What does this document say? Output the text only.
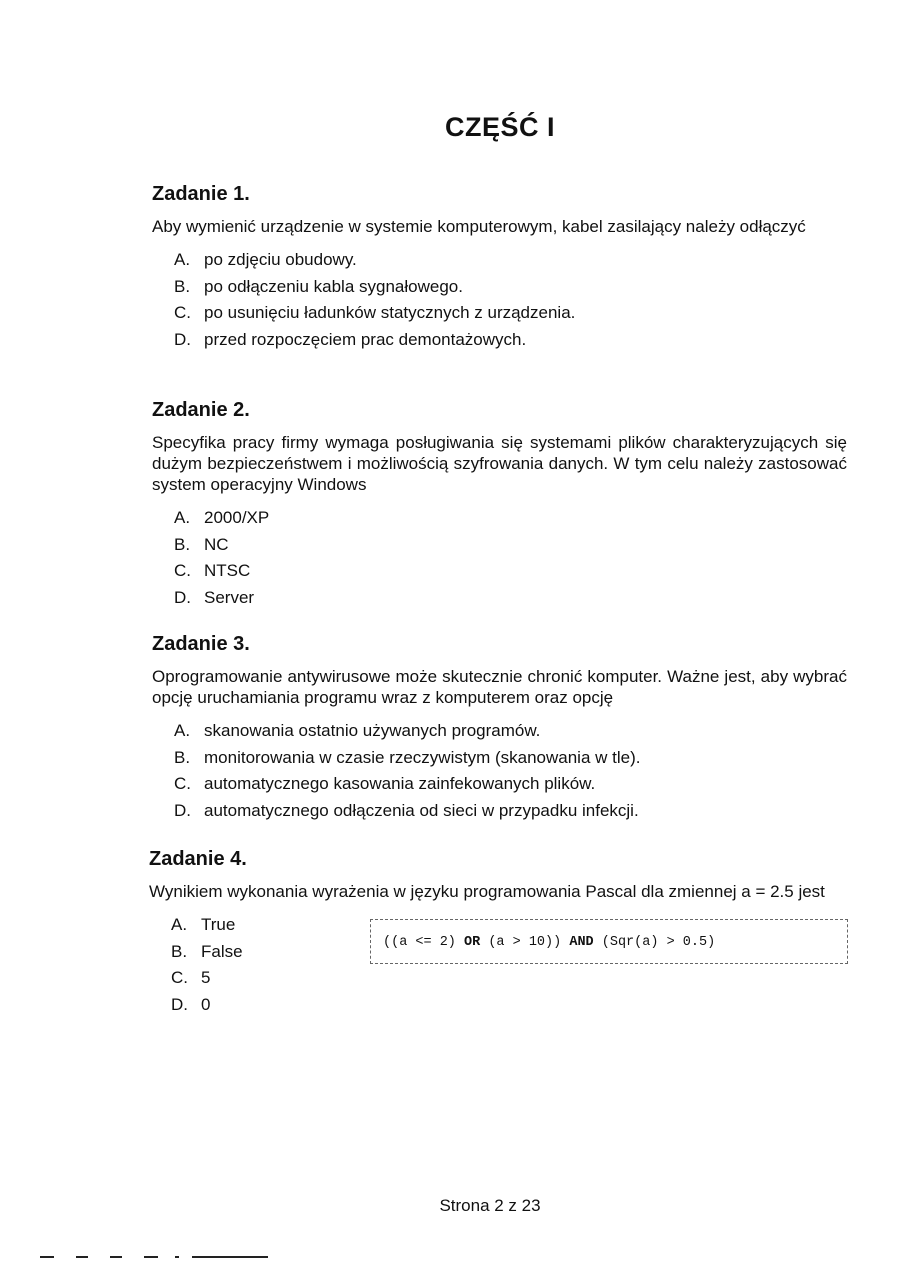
CZĘŚĆ I
Zadanie 1.

Aby wymienić urządzenie w systemie komputerowym, kabel zasilający należy odłączyć

A. po zdjęciu obudowy.
B. po odłączeniu kabla sygnałowego.
C. po usunięciu ładunków statycznych z urządzenia.
D. przed rozpoczęciem prac demontażowych.
Zadanie 2.

Specyfika pracy firmy wymaga posługiwania się systemami plików charakteryzujących się dużym bezpieczeństwem i możliwością szyfrowania danych. W tym celu należy zastosować system operacyjny Windows

A. 2000/XP
B. NC
C. NTSC
D. Server
Zadanie 3.

Oprogramowanie antywirusowe może skutecznie chronić komputer. Ważne jest, aby wybrać opcję uruchamiania programu wraz z komputerem oraz opcję

A. skanowania ostatnio używanych programów.
B. monitorowania w czasie rzeczywistym (skanowania w tle).
C. automatycznego kasowania zainfekowanych plików.
D. automatycznego odłączenia od sieci w przypadku infekcji.
Zadanie 4.

Wynikiem wykonania wyrażenia w języku programowania Pascal dla zmiennej a = 2.5 jest

A. True
B. False
C. 5
D. 0
((a <= 2) OR (a > 10)) AND (Sqr(a) > 0.5)
Strona 2 z 23
